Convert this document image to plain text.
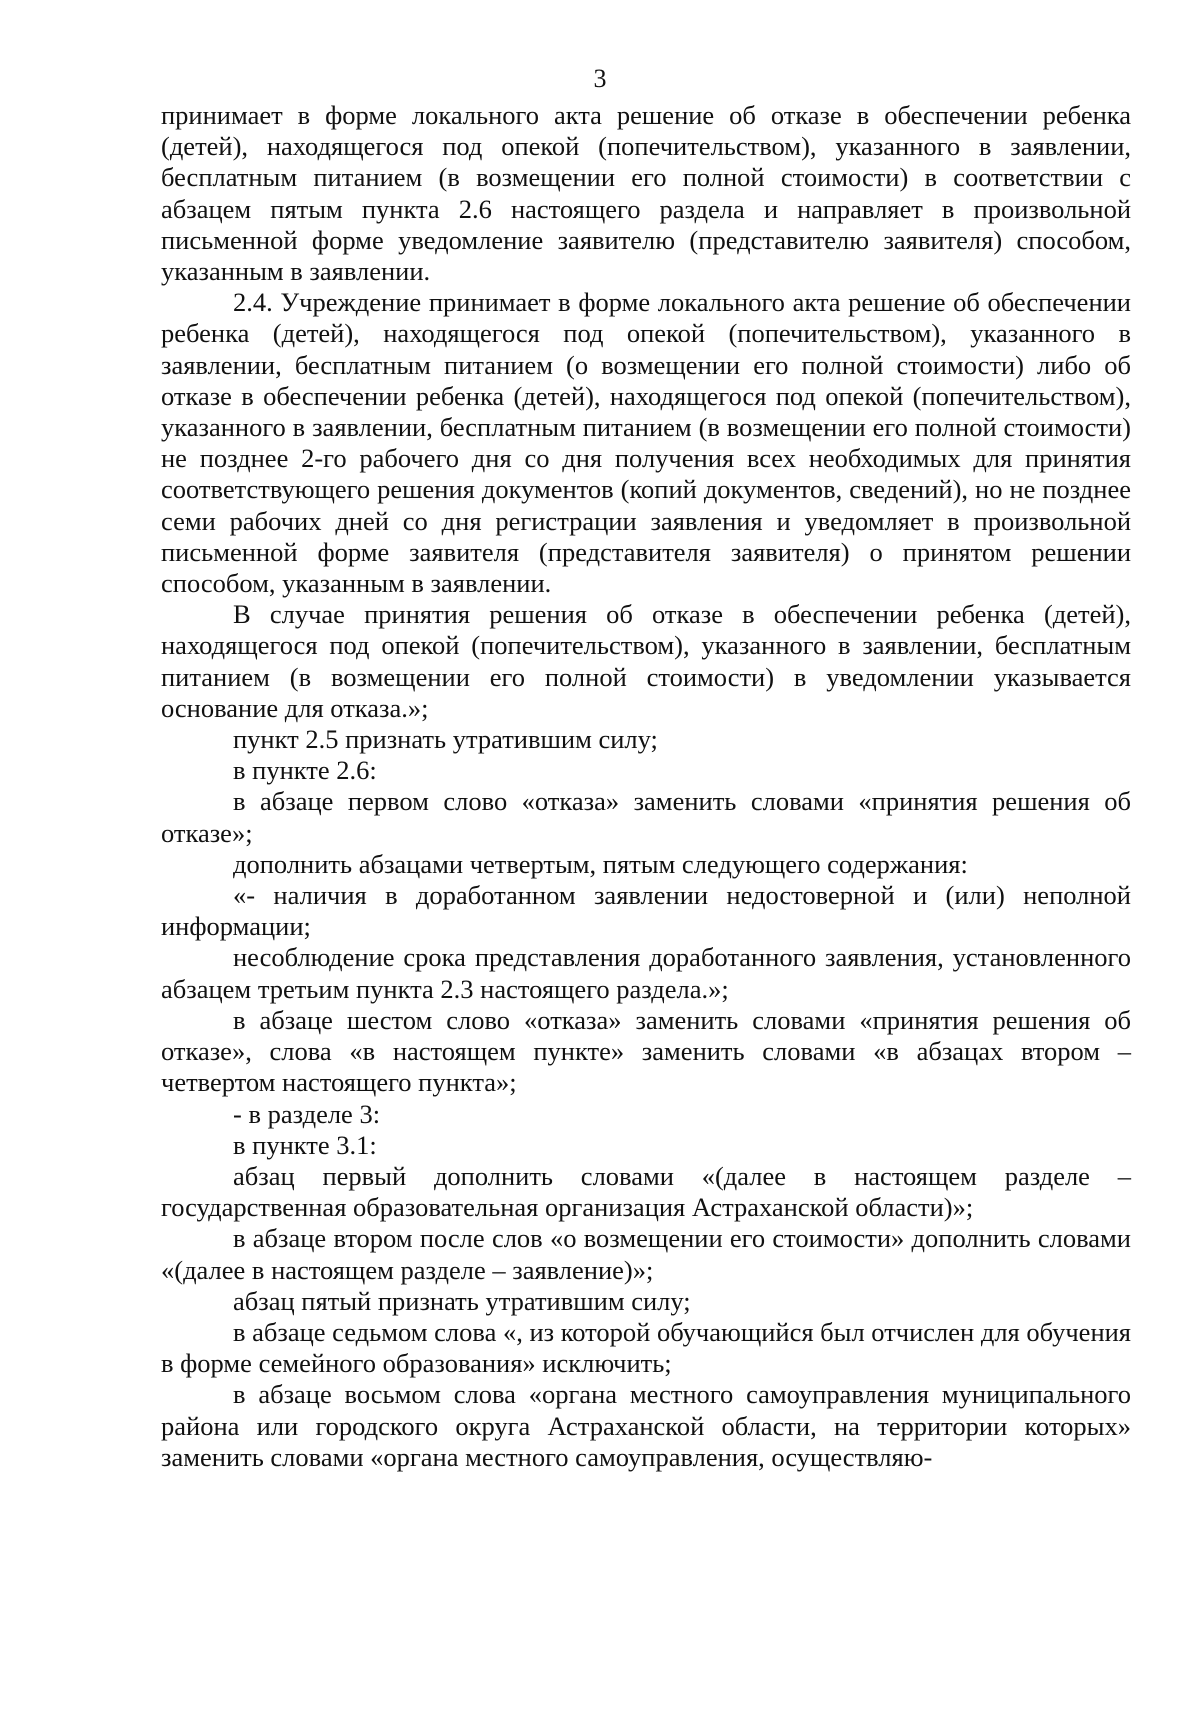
3

принимает в форме локального акта решение об отказе в обеспечении ребенка (детей), находящегося под опекой (попечительством), указанного в заявлении, бесплатным питанием (в возмещении его полной стоимости) в соответствии с абзацем пятым пункта 2.6 настоящего раздела и направляет в произвольной письменной форме уведомление заявителю (представителю заявителя) способом, указанным в заявлении.

2.4. Учреждение принимает в форме локального акта решение об обеспечении ребенка (детей), находящегося под опекой (попечительством), указанного в заявлении, бесплатным питанием (о возмещении его полной стоимости) либо об отказе в обеспечении ребенка (детей), находящегося под опекой (попечительством), указанного в заявлении, бесплатным питанием (в возмещении его полной стоимости) не позднее 2-го рабочего дня со дня получения всех необходимых для принятия соответствующего решения документов (копий документов, сведений), но не позднее семи рабочих дней со дня регистрации заявления и уведомляет в произвольной письменной форме заявителя (представителя заявителя) о принятом решении способом, указанным в заявлении.

В случае принятия решения об отказе в обеспечении ребенка (детей), находящегося под опекой (попечительством), указанного в заявлении, бесплатным питанием (в возмещении его полной стоимости) в уведомлении указывается основание для отказа.»;

пункт 2.5 признать утратившим силу;

в пункте 2.6:

в абзаце первом слово «отказа» заменить словами «принятия решения об отказе»;

дополнить абзацами четвертым, пятым следующего содержания:

«- наличия в доработанном заявлении недостоверной и (или) неполной информации;

несоблюдение срока представления доработанного заявления, установленного абзацем третьим пункта 2.3 настоящего раздела.»;

в абзаце шестом слово «отказа» заменить словами «принятия решения об отказе», слова «в настоящем пункте» заменить словами «в абзацах втором – четвертом настоящего пункта»;

- в разделе 3:

в пункте 3.1:

абзац первый дополнить словами «(далее в настоящем разделе – государственная образовательная организация Астраханской области)»;

в абзаце втором после слов «о возмещении его стоимости» дополнить словами «(далее в настоящем разделе – заявление)»;

абзац пятый признать утратившим силу;

в абзаце седьмом слова «, из которой обучающийся был отчислен для обучения в форме семейного образования» исключить;

в абзаце восьмом слова «органа местного самоуправления муниципального района или городского округа Астраханской области, на территории которых» заменить словами «органа местного самоуправления, осуществляю-
